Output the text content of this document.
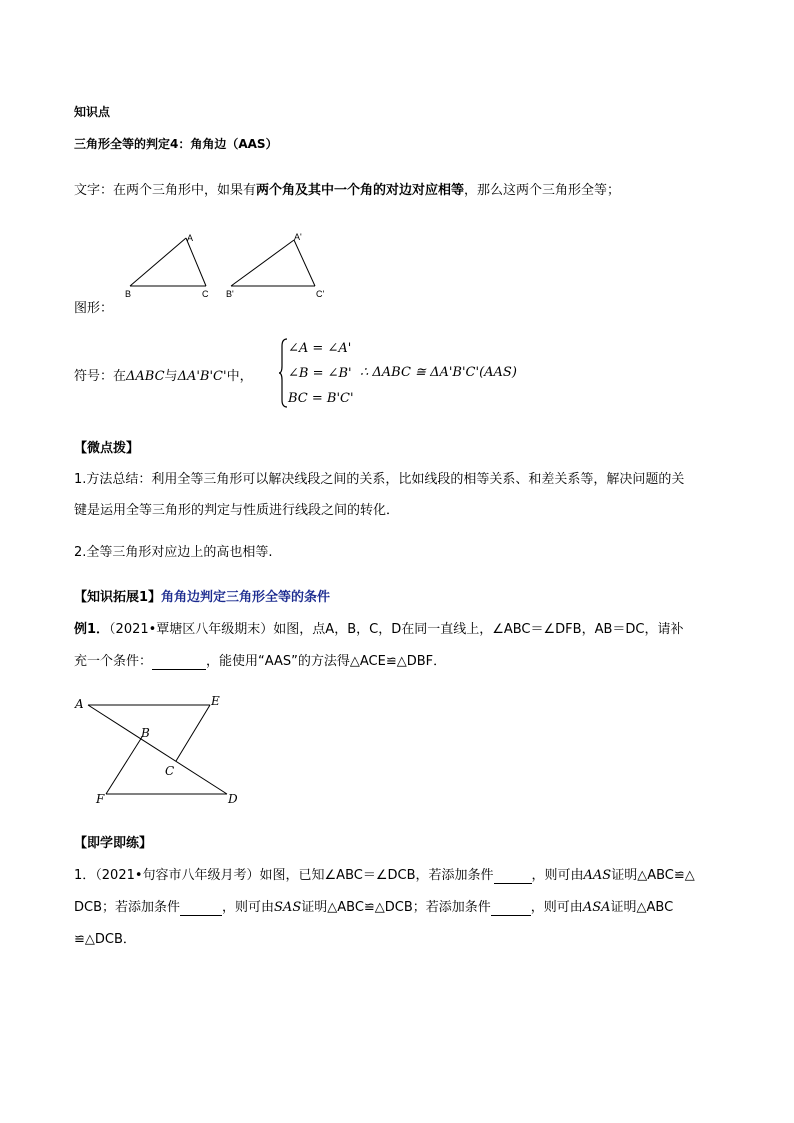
知识点
三角形全等的判定4：角角边（AAS）
文字：在两个三角形中，如果有两个角及其中一个角的对边对应相等，那么这两个三角形全等；
A
B	C
A'
B'	C'
图形：
符号：在ΔABC与ΔA'B'C'中，
∠A = ∠A'
∠B = ∠B'
BC = B'C'
∴ ΔABC ≅ ΔA'B'C'(AAS)
【微点拨】
1.方法总结：利用全等三角形可以解决线段之间的关系，比如线段的相等关系、和差关系等，解决问题的关
键是运用全等三角形的判定与性质进行线段之间的转化．
2.全等三角形对应边上的高也相等.
【知识拓展1】角角边判定三角形全等的条件
例1．（2021•覃塘区八年级期末）如图，点A，B，C，D在同一直线上，∠ABC＝∠DFB，AB＝DC，请补
充一个条件：	，能使用“AAS”的方法得△ACE≌△DBF．
A	E
B
C
F	D
【即学即练】
1．（2021•句容市八年级月考）如图，已知∠ABC＝∠DCB，若添加条件	，则可由AAS证明△ABC≌△
DCB；若添加条件	，则可由SAS证明△ABC≌△DCB；若添加条件	，则可由ASA证明△ABC
≌△DCB．
